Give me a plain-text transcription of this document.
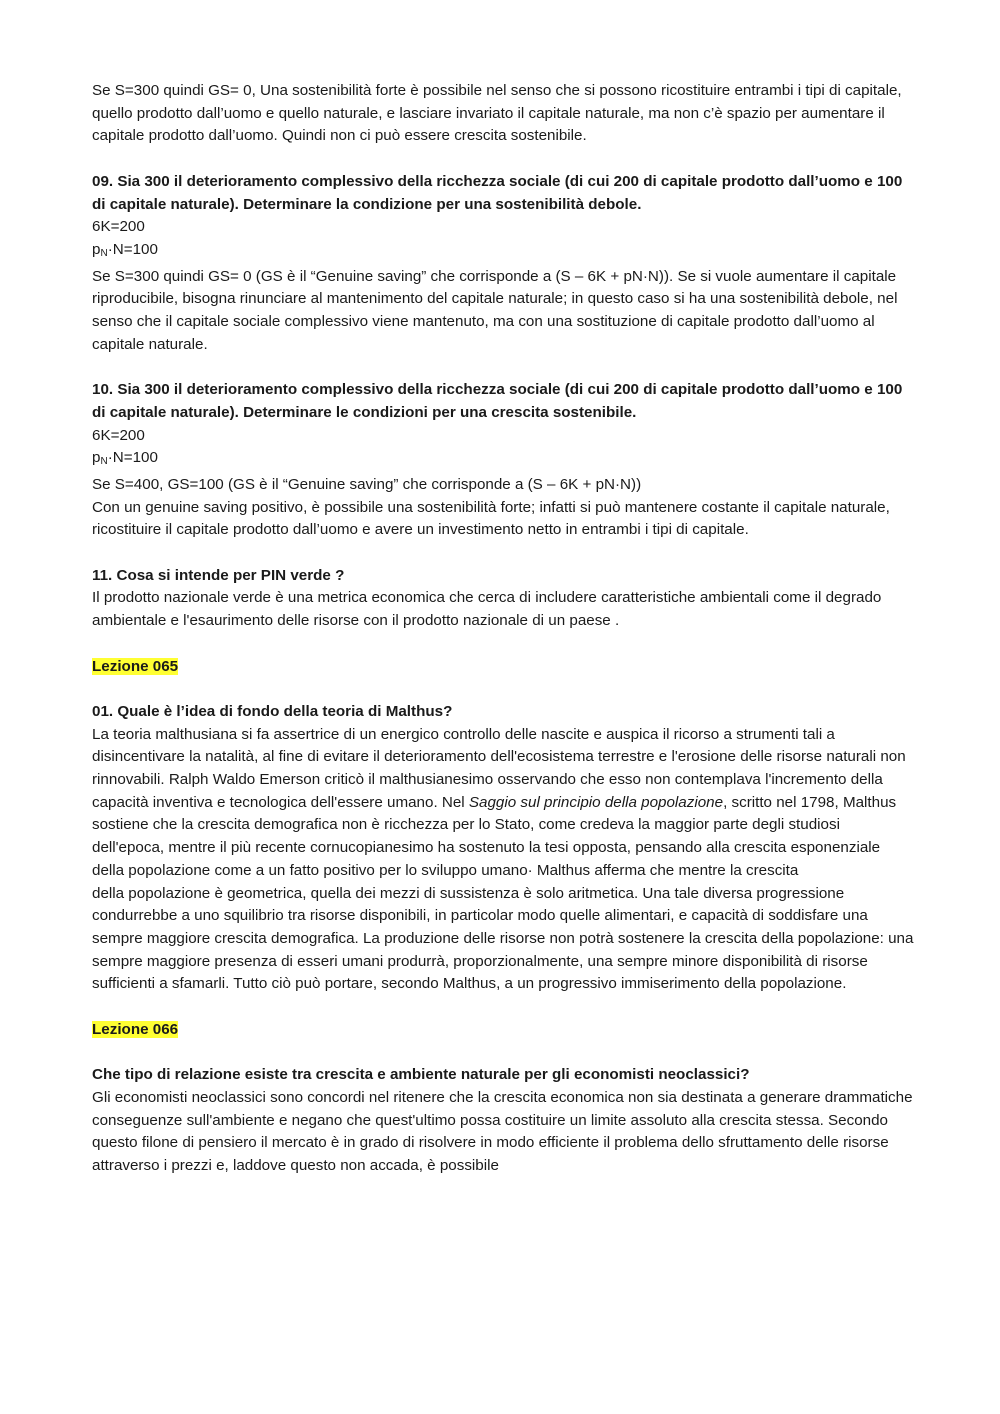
Se S=300 quindi GS= 0, Una sostenibilità forte è possibile nel senso che si possono ricostituire entrambi i tipi di capitale, quello prodotto dall’uomo e quello naturale, e lasciare invariato il capitale naturale, ma non c’è spazio per aumentare il capitale prodotto dall’uomo. Quindi non ci può essere crescita sostenibile.

09. Sia 300 il deterioramento complessivo della ricchezza sociale (di cui 200 di capitale prodotto dall’uomo e 100 di capitale naturale). Determinare la condizione per una sostenibilità debole.

6K=200

$p_N\cdot N=100$

Se S=300 quindi GS= 0 (GS è il “Genuine saving” che corrisponde a (S – 6K + pN·N)). Se si vuole aumentare il capitale riproducibile, bisogna rinunciare al mantenimento del capitale naturale; in questo caso si ha una sostenibilità debole, nel senso che il capitale sociale complessivo viene mantenuto, ma con una sostituzione di capitale prodotto dall’uomo al capitale naturale.

10. Sia 300 il deterioramento complessivo della ricchezza sociale (di cui 200 di capitale prodotto dall’uomo e 100 di capitale naturale). Determinare le condizioni per una crescita sostenibile.

6K=200

$p_N\cdot N=100$

Se S=400, GS=100 (GS è il “Genuine saving” che corrisponde a (S – 6K + pN·N))

Con un genuine saving positivo, è possibile una sostenibilità forte; infatti si può mantenere costante il capitale naturale, ricostituire il capitale prodotto dall’uomo e avere un investimento netto in entrambi i tipi di capitale.

11. Cosa si intende per PIN verde ?

Il prodotto nazionale verde è una metrica economica che cerca di includere caratteristiche ambientali come il degrado ambientale e l'esaurimento delle risorse con il prodotto nazionale di un paese .

Lezione 065

01. Quale è l’idea di fondo della teoria di Malthus?

La teoria malthusiana si fa assertrice di un energico controllo delle nascite e auspica il ricorso a strumenti tali a disincentivare la natalità, al fine di evitare il deterioramento dell'ecosistema terrestre e l'erosione delle risorse naturali non rinnovabili. Ralph Waldo Emerson criticò il malthusianesimo osservando che esso non contemplava l'incremento della capacità inventiva e tecnologica dell'essere umano. Nel Saggio sul principio della popolazione, scritto nel 1798, Malthus sostiene che la crescita demografica non è ricchezza per lo Stato, come credeva la maggior parte degli studiosi dell'epoca, mentre il più recente cornucopianesimo ha sostenuto la tesi opposta, pensando alla crescita esponenziale della popolazione come a un fatto positivo per lo sviluppo umano· Malthus afferma che mentre la crescita

della popolazione è geometrica, quella dei mezzi di sussistenza è solo aritmetica. Una tale diversa progressione condurrebbe a uno squilibrio tra risorse disponibili, in particolar modo quelle alimentari, e capacità di soddisfare una sempre maggiore crescita demografica. La produzione delle risorse non potrà sostenere la crescita della popolazione: una sempre maggiore presenza di esseri umani produrrà, proporzionalmente, una sempre minore disponibilità di risorse sufficienti a sfamarli. Tutto ciò può portare, secondo Malthus, a un progressivo immiserimento della popolazione.

Lezione 066

Che tipo di relazione esiste tra crescita e ambiente naturale per gli economisti neoclassici?

Gli economisti neoclassici sono concordi nel ritenere che la crescita economica non sia destinata a generare drammatiche conseguenze sull'ambiente e negano che quest'ultimo possa costituire un limite assoluto alla crescita stessa. Secondo questo filone di pensiero il mercato è in grado di risolvere in modo efficiente il problema dello sfruttamento delle risorse attraverso i prezzi e, laddove questo non accada, è possibile
